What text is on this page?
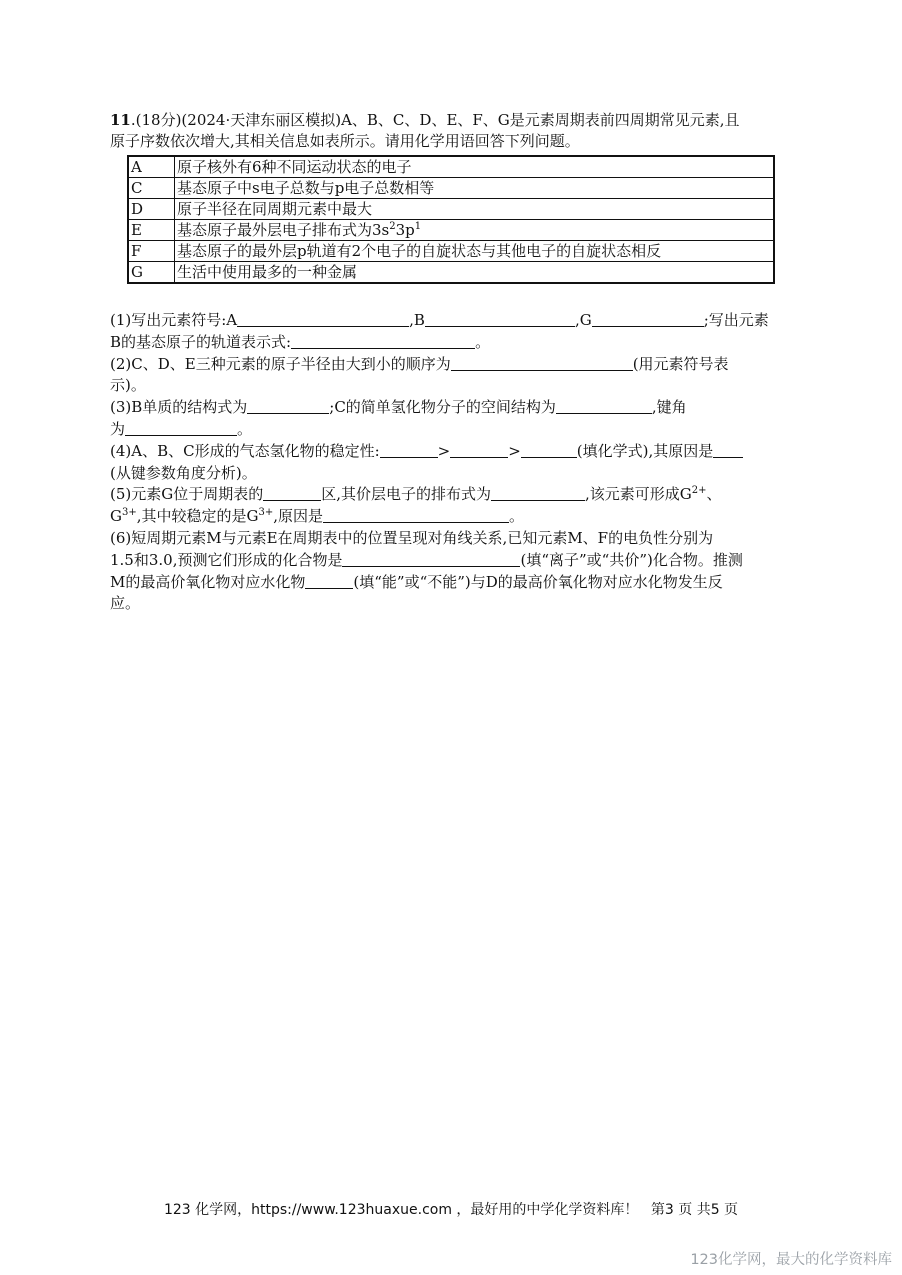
11.(18分)(2024·天津东丽区模拟)A、B、C、D、E、F、G是元素周期表前四周期常见元素,且
原子序数依次增大,其相关信息如表所示。请用化学用语回答下列问题。
A	原子核外有6种不同运动状态的电子
C	基态原子中s电子总数与p电子总数相等
D	原子半径在同周期元素中最大
E	基态原子最外层电子排布式为$3s^23p^1$
F	基态原子的最外层p轨道有2个电子的自旋状态与其他电子的自旋状态相反
G	生活中使用最多的一种金属

(1)写出元素符号:A	,B	,G	;写出元素
B的基态原子的轨道表示式:	。

(2)C、D、E三种元素的原子半径由大到小的顺序为	(用元素符号表
示)。

(3)B单质的结构式为	;C的简单氢化物分子的空间结构为	,键角
为	。

(4)A、B、C形成的气态氢化物的稳定性:	>	>	(填化学式),其原因是
(从键参数角度分析)。

(5)元素G位于周期表的	区,其价层电子的排布式为	,该元素可形成$G^{2+}$、
$G^{3+}$,其中较稳定的是$G^{3+}$,原因是	。

(6)短周期元素M与元素E在周期表中的位置呈现对角线关系,已知元素M、F的电负性分别为
1.5和3.0,预测它们形成的化合物是	(填“离子”或“共价”)化合物。推测
M的最高价氧化物对应水化物	(填“能”或“不能”)与D的最高价氧化物对应水化物发生反
应。

123 化学网，https://www.123huaxue.com ，最好用的中学化学资料库！ 第3 页 共5 页
123化学网，最大的化学资料库
